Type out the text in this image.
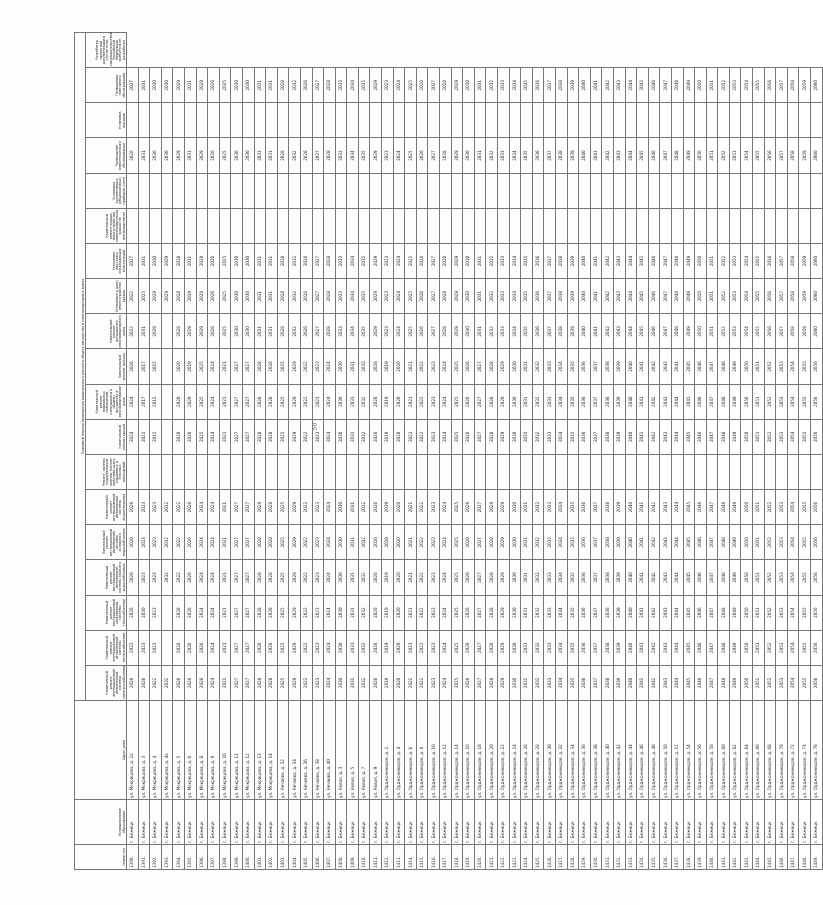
50
Номер п/п	Муниципальное образование	Адрес дома	Плановый период проведения капитального ремонта общего имущества в многоквартирных домах																		
			Капитальный ремонт внутридомовой инженерной системы электроснабжения	Капитальный ремонт внутридомовой инженерной системы теплоснабжения	Капитальный ремонт внутридомовой инженерной системы газоснабжения	Капитальный ремонт внутридомовой инженерной системы горячего водоснабжения	Капитальный ремонт внутридомовой инженерной системы холодного водоснабжения	Капитальный ремонт внутридомовой инженерной системы водоотведения	Ремонт, замена, модернизация лифтов, ремонт лифтовых шахт, машинных и блочных помещений	Капитальный ремонт крыши	Капитальный ремонт подвальных помещений, относящихся к общему имуществу в многоквартирном доме	Капитальный ремонт фасада	Капитальный ремонт фундамента многоквартирного дома	Утепление и (или) переустройство крыши	Утепление наружных ограждающих конструкций	Капитальный ремонт крыши, переустройство невентилируемой крыши на вентилируемую	Установка коллективных (общедомовых) приборов учета	Проведение энергетического обследования	Установка фасадов	Проведение повторного обследования	Разработка проектной документации в случае если законодательством Российской Федерации требуется ее разработка
1390.	г. Бежецк	ул. Мокрецова, д. 2а	2026	2022	2026	2026	2026	2026		2024	2024	2026	2022	2022	2027			2026		2027	
1391.	г. Бежецк	ул. Мокрецова, д. 3	2026	2023	2030	2023	2023	2023		2021	2017	2017	2031	2025	2031			2031		2031	
1392.	г. Бежецк	ул. Мокрецова, д. 4	2022	2023	2023	2023	2023	2023		2015	2015	2015	2029	2029	2030			2030		2030	
1393.	г. Бежецк	ул. Мокрецова, д. 4а	2032			2032	2032	2032						2029	2029			2030		2030	
1394.	г. Бежецк	ул. Мокрецова, д. 5	2026	2028	2028	2022	2022	2022		2020	2020	2020	2028	2028	2028			2029		2029	
1395.	г. Бежецк	ул. Мокрецова, д. 6	2026	2026	2026	2026	2026	2026		2026	2029	2019	2019	2019	2031			2031		2031	
1396.	г. Бежецк	ул. Мокрецова, д. 8	2026	2026	2024	2024	2024	2024		2025	2025	2025	2029	2029	2029			2029		2029	
1397.	г. Бежецк	ул. Мокрецова, д. 9	2024	2024	2024	2024	2024	2024		2024	2024	2024	2026	2026	2026			2026		2026	
1398.	г. Бежецк	ул. Мокрецова, д. 10	2021	2021	2021	2021	2021	2021		2021	2021	2021	2025	2025	2025			2025		2025	
1399.	г. Бежецк	ул. Мокрецова, д. 11	2027	2027	2027	2027	2027	2027		2027	2027	2027	2030	2030	2030			2030		2030	
1400.	г. Бежецк	ул. Мокрецова, д. 12	2027	2027	2027	2027	2027	2027		2027	2027	2027	2030	2030	2030			2030		2030	
1401.	г. Бежецк	ул. Мокрецова, д. 13	2028	2028	2028	2028	2028	2028		2028	2028	2028	2031	2031	2031			2031		2031	
1402.	г. Бежецк	ул. Мокрецова, д. 14	2028	2028	2028	2028	2028	2028		2028	2028	2028	2031	2031	2031			2031		2031	
1403.	г. Бежецк	ул. Нечаева, д. 32	2025	2025	2025	2025	2025	2025		2025	2025	2025	2028	2028	2028			2028		2028	
1404.	г. Бежецк	ул. Нечаева, д. 34	2029	2029	2029	2029	2029	2029		2029	2029	2029	2032	2032	2032			2032		2032	
1405.	г. Бежецк	ул. Нечаева, д. 36	2022	2022	2022	2022	2022	2022		2022	2022	2022	2026	2026	2026			2026		2026	
1406.	г. Бежецк	ул. Нечаева, д. 38	2023	2023	2023	2023	2023	2023		2023	2023	2023	2027	2027	2027			2027		2027	
1407.	г. Бежецк	ул. Нечаева, д. 40	2024	2024	2024	2024	2024	2024		2024	2024	2024	2028	2028	2028			2028		2028	
1408.	г. Бежецк	ул. Новая, д. 3	2030	2030	2030	2030	2030	2030		2030	2030	2030	2033	2033	2033			2033		2033	
1409.	г. Бежецк	ул. Новая, д. 5	2031	2031	2031	2031	2031	2031		2031	2031	2031	2034	2034	2034			2034		2034	
1410.	г. Бежецк	ул. Новая, д. 7	2032	2032	2032	2032	2032	2032		2032	2032	2032	2035	2035	2035			2035		2035	
1411.	г. Бежецк	ул. Новая, д. 9	2026	2026	2026	2026	2026	2026		2026	2026	2026	2029	2029	2029			2029		2029	
1412.	г. Бежецк	ул. Орджоникидзе, д. 2	2019	2019	2019	2019	2019	2019		2019	2019	2019	2023	2023	2023			2023		2023	
1413.	г. Бежецк	ул. Орджоникидзе, д. 4	2020	2020	2020	2020	2020	2020		2020	2020	2020	2024	2024	2024			2024		2024	
1414.	г. Бежецк	ул. Орджоникидзе, д. 6	2021	2021	2021	2021	2021	2021		2021	2021	2021	2025	2025	2025			2025		2025	
1415.	г. Бежецк	ул. Орджоникидзе, д. 8	2022	2022	2022	2022	2022	2022		2022	2022	2022	2026	2026	2026			2026		2026	
1416.	г. Бежецк	ул. Орджоникидзе, д. 10	2023	2023	2023	2023	2023	2023		2023	2023	2023	2027	2027	2027			2027		2027	
1417.	г. Бежецк	ул. Орджоникидзе, д. 12	2024	2024	2024	2024	2024	2024		2024	2024	2024	2028	2028	2028			2028		2028	
1418.	г. Бежецк	ул. Орджоникидзе, д. 14	2025	2025	2025	2025	2025	2025		2025	2025	2025	2029	2029	2029			2029		2029	
1419.	г. Бежецк	ул. Орджоникидзе, д. 16	2026	2026	2026	2026	2026	2026		2026	2026	2026	2030	2030	2030			2030		2030	
1420.	г. Бежецк	ул. Орджоникидзе, д. 18	2027	2027	2027	2027	2027	2027		2027	2027	2027	2031	2031	2031			2031		2031	
1421.	г. Бежецк	ул. Орджоникидзе, д. 20	2028	2028	2028	2028	2028	2028		2028	2028	2028	2032	2032	2032			2032		2032	
1422.	г. Бежецк	ул. Орджоникидзе, д. 22	2029	2029	2029	2029	2029	2029		2029	2029	2029	2033	2033	2033			2033		2033	
1423.	г. Бежецк	ул. Орджоникидзе, д. 24	2030	2030	2030	2030	2030	2030		2030	2030	2030	2034	2034	2034			2034		2034	
1424.	г. Бежецк	ул. Орджоникидзе, д. 26	2031	2031	2031	2031	2031	2031		2031	2031	2031	2035	2035	2035			2035		2035	
1425.	г. Бежецк	ул. Орджоникидзе, д. 28	2032	2032	2032	2032	2032	2032		2032	2032	2032	2036	2036	2036			2036		2036	
1426.	г. Бежецк	ул. Орджоникидзе, д. 30	2033	2033	2033	2033	2033	2033		2033	2033	2033	2037	2037	2037			2037		2037	
1427.	г. Бежецк	ул. Орджоникидзе, д. 32	2034	2034	2034	2034	2034	2034		2034	2034	2034	2038	2038	2038			2038		2038	
1428.	г. Бежецк	ул. Орджоникидзе, д. 34	2035	2035	2035	2035	2035	2035		2035	2035	2035	2039	2039	2039			2039		2039	
1429.	г. Бежецк	ул. Орджоникидзе, д. 36	2036	2036	2036	2036	2036	2036		2036	2036	2036	2040	2040	2040			2040		2040	
1430.	г. Бежецк	ул. Орджоникидзе, д. 38	2037	2037	2037	2037	2037	2037		2037	2037	2037	2041	2041	2041			2041		2041	
1431.	г. Бежецк	ул. Орджоникидзе, д. 40	2038	2038	2038	2038	2038	2038		2038	2038	2038	2042	2042	2042			2042		2042	
1432.	г. Бежецк	ул. Орджоникидзе, д. 42	2039	2039	2039	2039	2039	2039		2039	2039	2039	2043	2043	2043			2043		2043	
1433.	г. Бежецк	ул. Орджоникидзе, д. 44	2040	2040	2040	2040	2040	2040		2040	2040	2040	2044	2044	2044			2044		2044	
1434.	г. Бежецк	ул. Орджоникидзе, д. 46	2041	2041	2041	2041	2041	2041		2041	2041	2041	2045	2045	2045			2045		2045	
1435.	г. Бежецк	ул. Орджоникидзе, д. 48	2042	2042	2042	2042	2042	2042		2042	2042	2042	2046	2046	2046			2046		2046	
1436.	г. Бежецк	ул. Орджоникидзе, д. 50	2043	2043	2043	2043	2043	2043		2043	2043	2043	2047	2047	2047			2047		2047	
1437.	г. Бежецк	ул. Орджоникидзе, д. 52	2044	2044	2044	2044	2044	2044		2044	2044	2044	2048	2048	2048			2048		2048	
1438.	г. Бежецк	ул. Орджоникидзе, д. 54	2045	2045	2045	2045	2045	2045		2045	2045	2045	2049	2049	2049			2049		2049	
1439.	г. Бежецк	ул. Орджоникидзе, д. 56	2046	2046	2046	2046	2046	2046		2046	2046	2046	2050	2050	2050			2050		2050	
1440.	г. Бежецк	ул. Орджоникидзе, д. 58	2047	2047	2047	2047	2047	2047		2047	2047	2047	2051	2051	2051			2051		2051	
1441.	г. Бежецк	ул. Орджоникидзе, д. 60	2048	2048	2048	2048	2048	2048		2048	2048	2048	2052	2052	2052			2052		2052	
1442.	г. Бежецк	ул. Орджоникидзе, д. 62	2049	2049	2049	2049	2049	2049		2049	2049	2049	2053	2053	2053			2053		2053	
1443.	г. Бежецк	ул. Орджоникидзе, д. 64	2050	2050	2050	2050	2050	2050		2050	2050	2050	2054	2054	2054			2054		2054	
1444.	г. Бежецк	ул. Орджоникидзе, д. 66	2051	2051	2051	2051	2051	2051		2051	2051	2051	2055	2055	2055			2055		2055	
1445.	г. Бежецк	ул. Орджоникидзе, д. 68	2052	2052	2052	2052	2052	2052		2052	2052	2052	2056	2056	2056			2056		2056	
1446.	г. Бежецк	ул. Орджоникидзе, д. 70	2053	2053	2053	2053	2053	2053		2053	2053	2053	2057	2057	2057			2057		2057	
1447.	г. Бежецк	ул. Орджоникидзе, д. 72	2054	2054	2054	2054	2054	2054		2054	2054	2054	2058	2058	2058			2058		2058	
1448.	г. Бежецк	ул. Орджоникидзе, д. 74	2055	2055	2055	2055	2055	2055		2055	2055	2055	2059	2059	2059			2059		2059	
1449.	г. Бежецк	ул. Орджоникидзе, д. 76	2056	2056	2056	2056	2056	2056		2056	2056	2056	2060	2060	2060			2060		2060	
